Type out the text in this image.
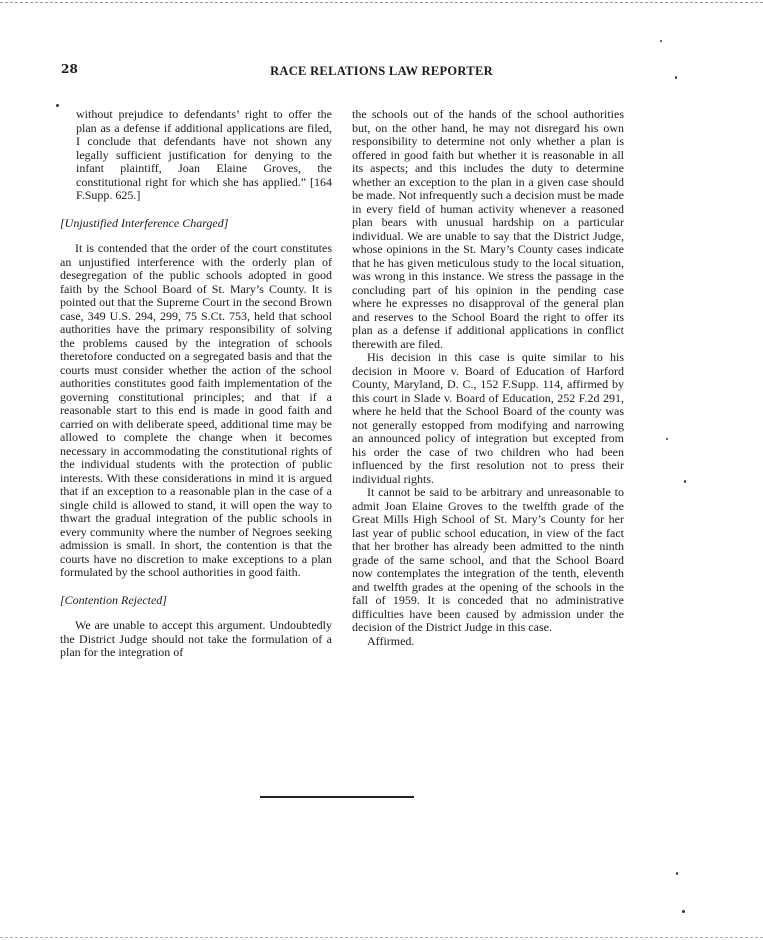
28	RACE RELATIONS LAW REPORTER

without prejudice to defendants’ right to offer the plan as a defense if additional applications are filed, I conclude that defendants have not shown any legally sufficient justification for denying to the infant plaintiff, Joan Elaine Groves, the constitutional right for which she has applied.” [164 F.Supp. 625.]

[Unjustified Interference Charged]

It is contended that the order of the court constitutes an unjustified interference with the orderly plan of desegregation of the public schools adopted in good faith by the School Board of St. Mary’s County. It is pointed out that the Supreme Court in the second Brown case, 349 U.S. 294, 299, 75 S.Ct. 753, held that school authorities have the primary responsibility of solving the problems caused by the integration of schools theretofore conducted on a segregated basis and that the courts must consider whether the action of the school authorities constitutes good faith implementation of the governing constitutional principles; and that if a reasonable start to this end is made in good faith and carried on with deliberate speed, additional time may be allowed to complete the change when it becomes necessary in accommodating the constitutional rights of the individual students with the protection of public interests. With these considerations in mind it is argued that if an exception to a reasonable plan in the case of a single child is allowed to stand, it will open the way to thwart the gradual integration of the public schools in every community where the number of Negroes seeking admission is small. In short, the contention is that the courts have no discretion to make exceptions to a plan formulated by the school authorities in good faith.

[Contention Rejected]

We are unable to accept this argument. Undoubtedly the District Judge should not take the formulation of a plan for the integration of

the schools out of the hands of the school authorities but, on the other hand, he may not disregard his own responsibility to determine not only whether a plan is offered in good faith but whether it is reasonable in all its aspects; and this includes the duty to determine whether an exception to the plan in a given case should be made. Not infrequently such a decision must be made in every field of human activity whenever a reasoned plan bears with unusual hardship on a particular individual. We are unable to say that the District Judge, whose opinions in the St. Mary’s County cases indicate that he has given meticulous study to the local situation, was wrong in this instance. We stress the passage in the concluding part of his opinion in the pending case where he expresses no disapproval of the general plan and reserves to the School Board the right to offer its plan as a defense if additional applications in conflict therewith are filed.

His decision in this case is quite similar to his decision in Moore v. Board of Education of Harford County, Maryland, D. C., 152 F.Supp. 114, affirmed by this court in Slade v. Board of Education, 252 F.2d 291, where he held that the School Board of the county was not generally estopped from modifying and narrowing an announced policy of integration but excepted from his order the case of two children who had been influenced by the first resolution not to press their individual rights.

It cannot be said to be arbitrary and unreasonable to admit Joan Elaine Groves to the twelfth grade of the Great Mills High School of St. Mary’s County for her last year of public school education, in view of the fact that her brother has already been admitted to the ninth grade of the same school, and that the School Board now contemplates the integration of the tenth, eleventh and twelfth grades at the opening of the schools in the fall of 1959. It is conceded that no administrative difficulties have been caused by admission under the decision of the District Judge in this case.

Affirmed.
